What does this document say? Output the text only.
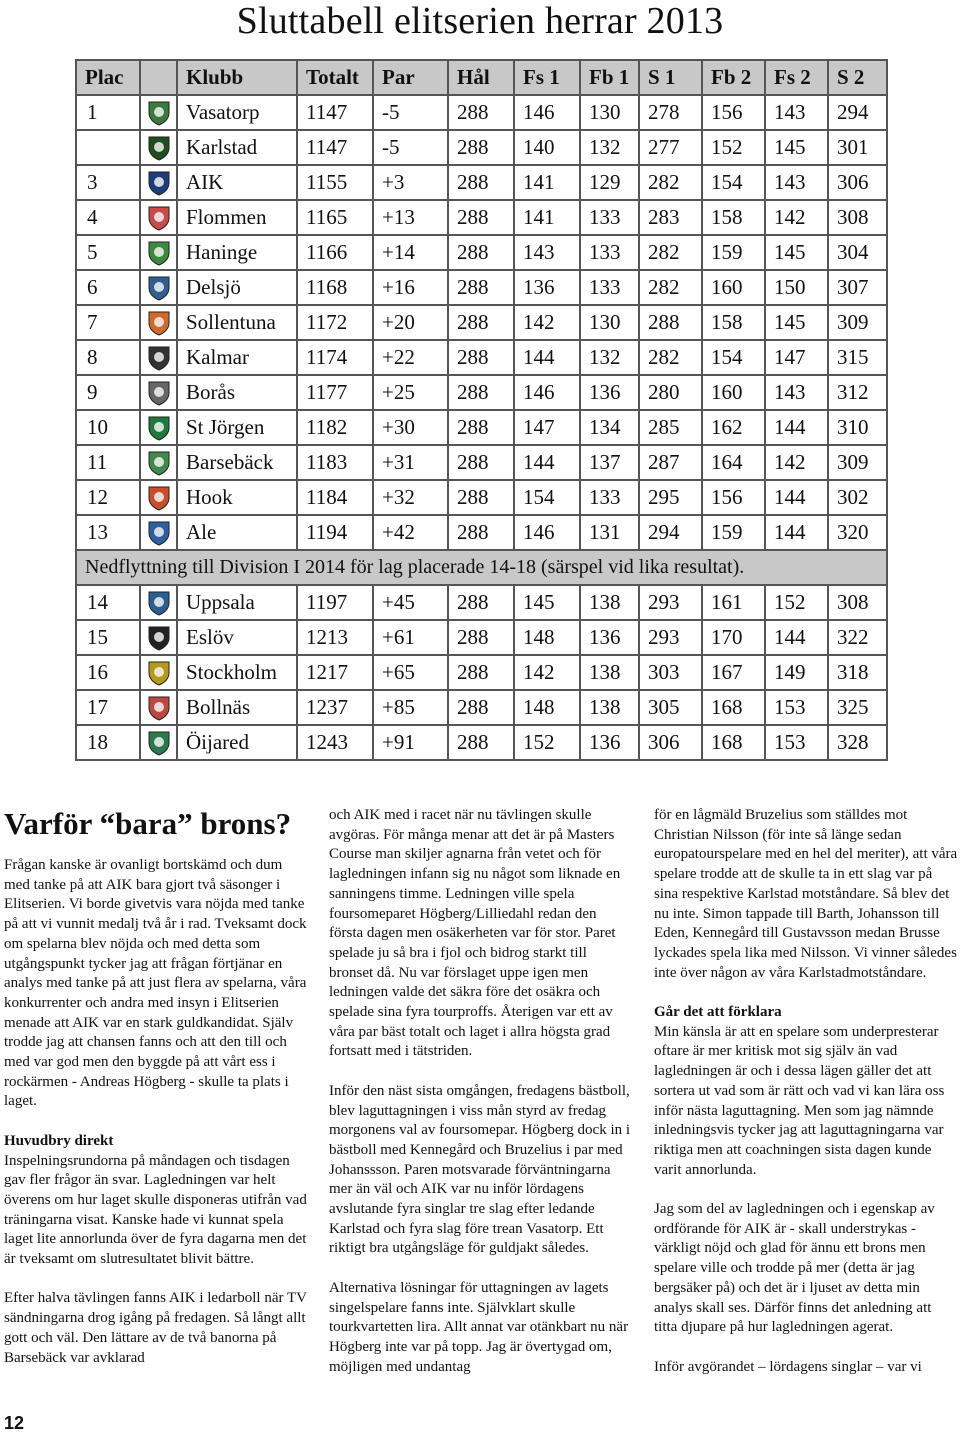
Sluttabell elitserien herrar 2013
Plac		Klubb	Totalt	Par	Hål	Fs 1	Fb 1	S 1	Fb 2	Fs 2	S 2
1		Vasatorp	1147	-5	288	146	130	278	156	143	294
		Karlstad	1147	-5	288	140	132	277	152	145	301
3		AIK	1155	+3	288	141	129	282	154	143	306
4		Flommen	1165	+13	288	141	133	283	158	142	308
5		Haninge	1166	+14	288	143	133	282	159	145	304
6		Delsjö	1168	+16	288	136	133	282	160	150	307
7		Sollentuna	1172	+20	288	142	130	288	158	145	309
8		Kalmar	1174	+22	288	144	132	282	154	147	315
9		Borås	1177	+25	288	146	136	280	160	143	312
10		St Jörgen	1182	+30	288	147	134	285	162	144	310
11		Barsebäck	1183	+31	288	144	137	287	164	142	309
12		Hook	1184	+32	288	154	133	295	156	144	302
13		Ale	1194	+42	288	146	131	294	159	144	320
Nedflyttning till Division I 2014 för lag placerade 14-18 (särspel vid lika resultat).											
14		Uppsala	1197	+45	288	145	138	293	161	152	308
15		Eslöv	1213	+61	288	148	136	293	170	144	322
16		Stockholm	1217	+65	288	142	138	303	167	149	318
17		Bollnäs	1237	+85	288	148	138	305	168	153	325
18		Öijared	1243	+91	288	152	136	306	168	153	328
Varför “bara” brons?

Frågan kanske är ovanligt bortskämd och dum med tanke på att AIK bara gjort två säsonger i Elitserien. Vi borde givetvis vara nöjda med tanke på att vi vunnit medalj två år i rad. Tveksamt dock om spelarna blev nöjda och med detta som utgångspunkt tycker jag att frågan förtjänar en analys med tanke på att just flera av spelarna, våra konkurrenter och andra med insyn i Elitserien menade att AIK var en stark guldkandidat. Själv trodde jag att chansen fanns och att den till och med var god men den byggde på att vårt ess i rockärmen - Andreas Högberg - skulle ta plats i laget.

Huvudbry direkt

Inspelningsrundorna på måndagen och tisdagen gav fler frågor än svar. Lagledningen var helt överens om hur laget skulle disponeras utifrån vad träningarna visat. Kanske hade vi kunnat spela laget lite annorlunda över de fyra dagarna men det är tveksamt om slutresultatet blivit bättre.

Efter halva tävlingen fanns AIK i ledarboll när TV sändningarna drog igång på fredagen. Så långt allt gott och väl. Den lättare av de två banorna på Barsebäck var avklarad

och AIK med i racet när nu tävlingen skulle avgöras. För många menar att det är på Masters Course man skiljer agnarna från vetet och för lagledningen infann sig nu något som liknade en sanningens timme. Ledningen ville spela foursomeparet Högberg/Lilliedahl redan den första dagen men osäkerheten var för stor. Paret spelade ju så bra i fjol och bidrog starkt till bronset då. Nu var förslaget uppe igen men ledningen valde det säkra före det osäkra och spelade sina fyra tourproffs. Återigen var ett av våra par bäst totalt och laget i allra högsta grad fortsatt med i tätstriden.

Inför den näst sista omgången, fredagens bästboll, blev laguttagningen i viss mån styrd av fredag morgonens val av foursomepar. Högberg dock in i bästboll med Kennegård och Bruzelius i par med Johanssson. Paren motsvarade förväntningarna mer än väl och AIK var nu inför lördagens avslutande fyra singlar tre slag efter ledande Karlstad och fyra slag före trean Vasatorp. Ett riktigt bra utgångsläge för guldjakt således.

Alternativa lösningar för uttagningen av lagets singelspelare fanns inte. Självklart skulle tourkvartetten lira. Allt annat var otänkbart nu när Högberg inte var på topp. Jag är övertygad om, möjligen med undantag

för en lågmäld Bruzelius som ställdes mot Christian Nilsson (för inte så länge sedan europatourspelare med en hel del meriter), att våra spelare trodde att de skulle ta in ett slag var på sina respektive Karlstad motståndare. Så blev det nu inte. Simon tappade till Barth, Johansson till Eden, Kennegård till Gustavsson medan Brusse lyckades spela lika med Nilsson. Vi vinner således inte över någon av våra Karlstadmotståndare.

Går det att förklara

Min känsla är att en spelare som underpresterar oftare är mer kritisk mot sig själv än vad lagledningen är och i dessa lägen gäller det att sortera ut vad som är rätt och vad vi kan lära oss inför nästa laguttagning. Men som jag nämnde inledningsvis tycker jag att laguttagningarna var riktiga men att coachningen sista dagen kunde varit annorlunda.

Jag som del av lagledningen och i egenskap av ordförande för AIK är - skall understrykas - värkligt nöjd och glad för ännu ett brons men spelare ville och trodde på mer (detta är jag bergsäker på) och det är i ljuset av detta min analys skall ses. Därför finns det anledning att titta djupare på hur lagledningen agerat.

Inför avgörandet – lördagens singlar – var vi

12
